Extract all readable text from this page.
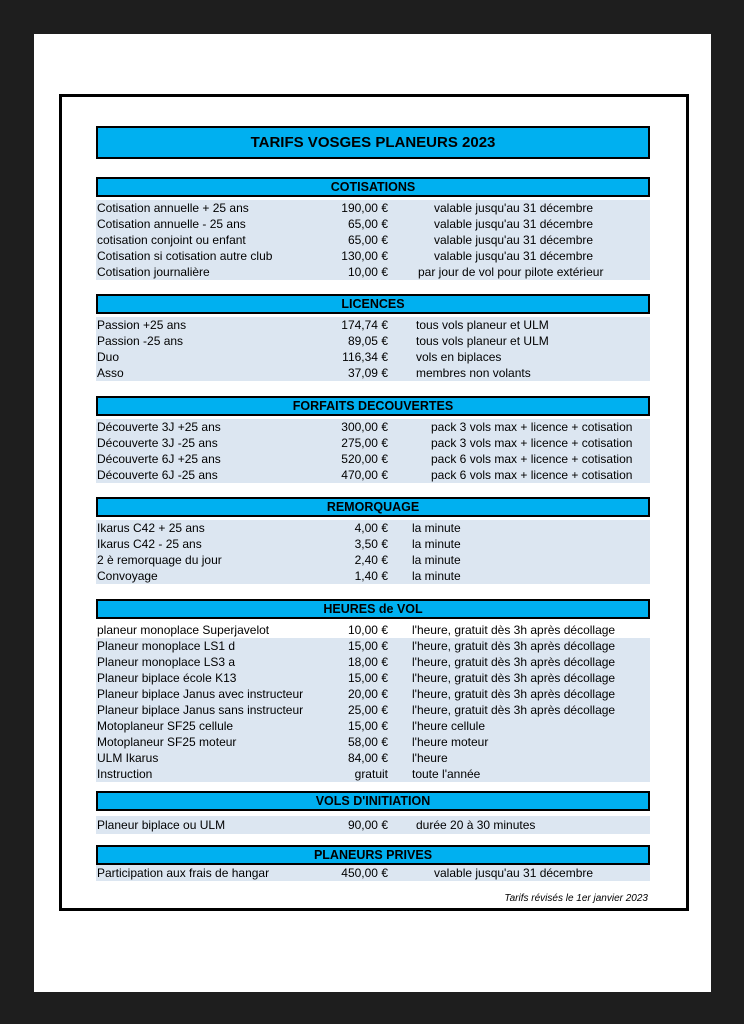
TARIFS VOSGES PLANEURS 2023
COTISATIONS
Cotisation annuelle + 25 ans	190,00 €	valable jusqu'au 31 décembre
Cotisation annuelle - 25 ans	65,00 €	valable jusqu'au 31 décembre
cotisation conjoint ou enfant	65,00 €	valable jusqu'au 31 décembre
Cotisation si cotisation autre club	130,00 €	valable jusqu'au 31 décembre
Cotisation journalière	10,00 €	par jour de vol pour pilote extérieur
LICENCES
Passion +25 ans	174,74 € tous vols planeur et ULM
Passion -25 ans	89,05 € tous vols planeur et ULM
Duo	116,34 € vols en biplaces
Asso	37,09 € membres non volants
FORFAITS DECOUVERTES
Découverte 3J +25 ans	300,00 €	pack 3 vols max + licence + cotisation
Découverte 3J -25 ans	275,00 €	pack 3 vols max + licence + cotisation
Découverte 6J +25 ans	520,00 €	pack 6 vols max + licence + cotisation
Découverte 6J -25 ans	470,00 €	pack 6 vols max + licence + cotisation
REMORQUAGE
Ikarus C42 + 25 ans	4,00 € la minute
Ikarus C42 - 25 ans	3,50 € la minute
2 è remorquage du jour	2,40 € la minute
Convoyage	1,40 € la minute
HEURES de VOL
planeur monoplace Superjavelot	10,00 € l'heure, gratuit dès 3h après décollage
Planeur monoplace LS1 d	15,00 € l'heure, gratuit dès 3h après décollage
Planeur monoplace LS3 a	18,00 € l'heure, gratuit dès 3h après décollage
Planeur biplace école K13	15,00 € l'heure, gratuit dès 3h après décollage
Planeur biplace Janus avec instructeur	20,00 € l'heure, gratuit dès 3h après décollage
Planeur biplace Janus sans instructeur	25,00 € l'heure, gratuit dès 3h après décollage
Motoplaneur SF25 cellule	15,00 € l'heure cellule
Motoplaneur SF25 moteur	58,00 € l'heure moteur
ULM Ikarus	84,00 € l'heure
Instruction	gratuit toute l'année
VOLS D'INITIATION
Planeur biplace ou ULM	90,00 € durée 20 à 30 minutes
PLANEURS PRIVES
Participation aux frais de hangar	450,00 €	valable jusqu'au 31 décembre
Tarifs révisés le 1er janvier 2023
